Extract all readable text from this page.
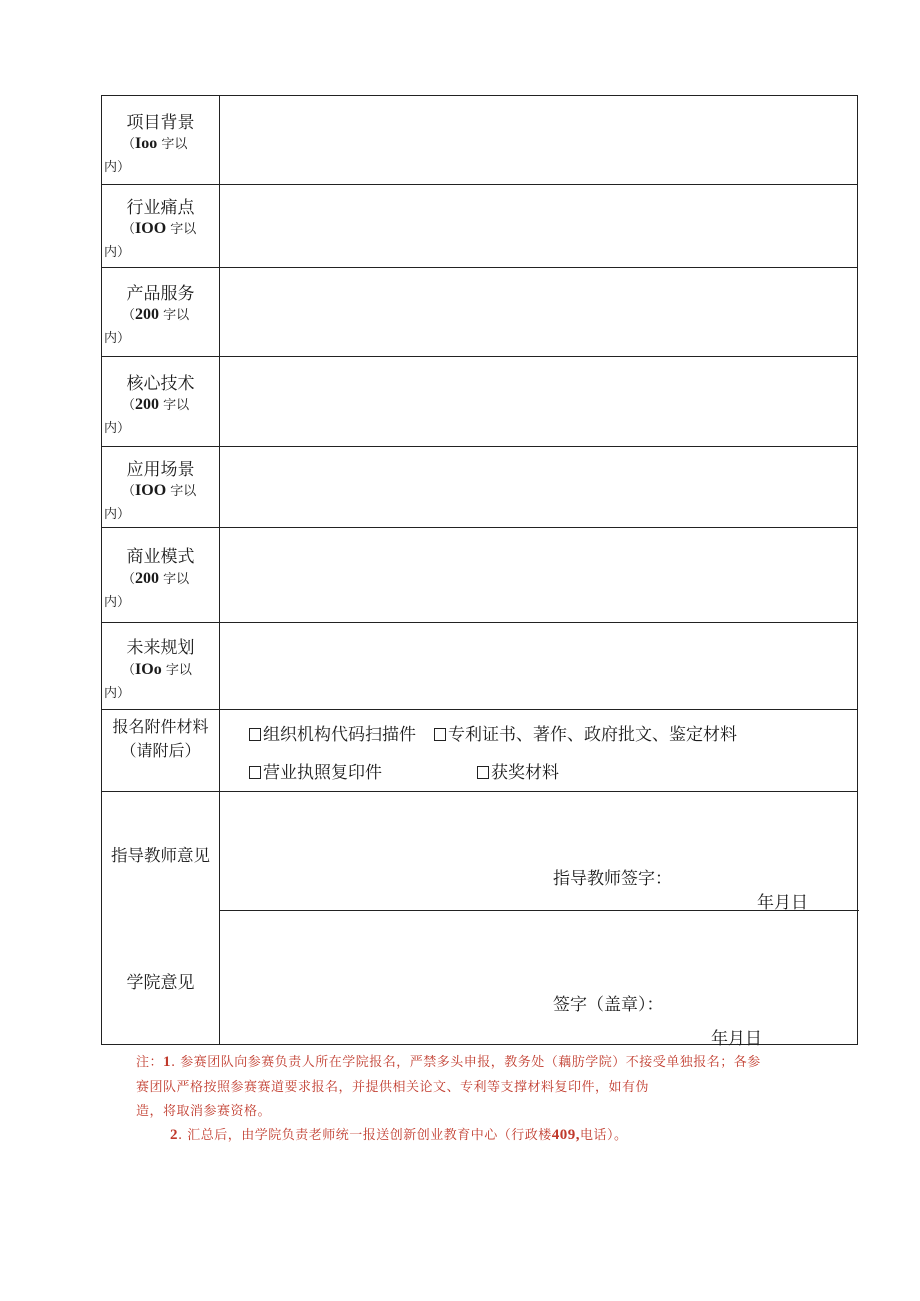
项目背景
（Ioo 字以
内）
行业痛点
（IOO 字以
内）
产品服务
（200 字以
内）
核心技术
（200 字以
内）
应用场景
（IOO 字以
内）
商业模式
（200 字以
内）
未来规划
（IOo 字以
内）
报名附件材料
（请附后）
组织机构代码扫描件	专利证书、著作、政府批文、鉴定材料
营业执照复印件	获奖材料
指导教师意见
指导教师签字：
年月日
学院意见
签字（盖章）：
年月日
注：1. 参赛团队向参赛负责人所在学院报名，严禁多头申报，教务处（藕肪学院）不接受单独报名；各参
赛团队严格按照参赛赛道要求报名，并提供相关论文、专利等支撑材料复印件，如有伪
造，将取消参赛资格。
2. 汇总后，由学院负责老师统一报送创新创业教育中心（行政楼409,电话）。
